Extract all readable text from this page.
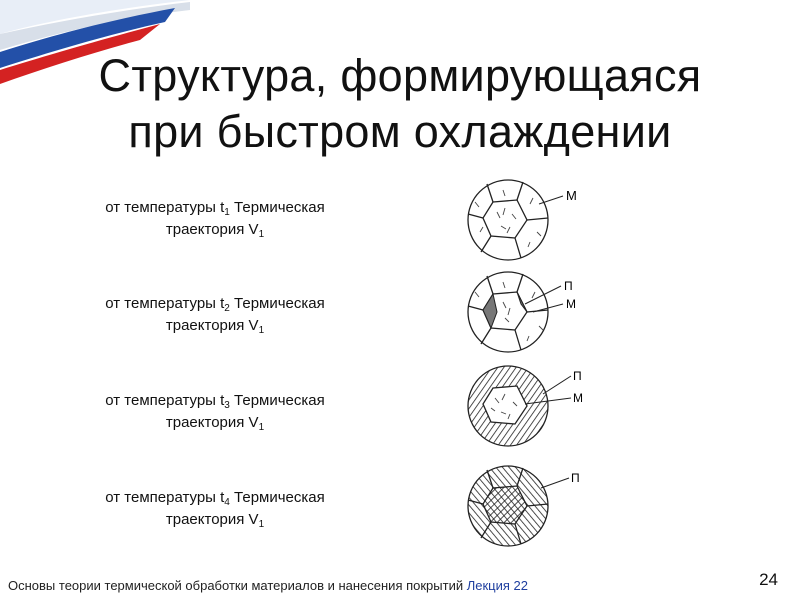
Структура, формирующаяся
при быстром охлаждении
от температуры $t_1$ Термическая
траектория $V_1$
М
от температуры $t_2$ Термическая
траектория $V_1$
П
М
от температуры $t_3$ Термическая
траектория $V_1$
П
М
от температуры $t_4$ Термическая
траектория $V_1$
П
Основы теории термической обработки материалов и нанесения покрытий Лекция 22	24
